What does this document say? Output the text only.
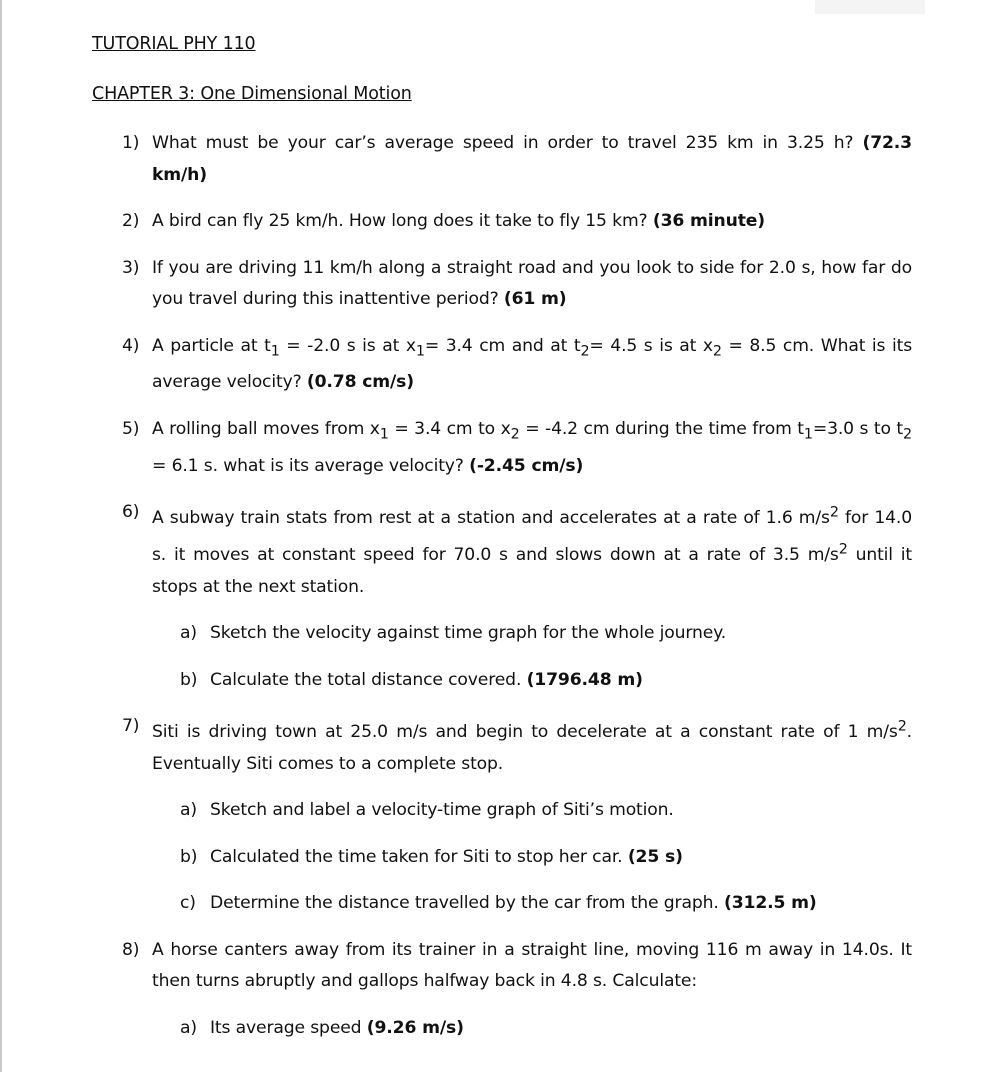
TUTORIAL PHY 110
CHAPTER 3: One Dimensional Motion
1) What must be your car’s average speed in order to travel 235 km in 3.25 h? (72.3 km/h)
2) A bird can fly 25 km/h. How long does it take to fly 15 km? (36 minute)
3) If you are driving 11 km/h along a straight road and you look to side for 2.0 s, how far do you travel during this inattentive period? (61 m)
4) A particle at $t_1 = -2.0$ s is at $x_1= 3.4$ cm and at $t_2= 4.5$ s is at $x_2 = 8.5$ cm. What is its average velocity? (0.78 cm/s)
5) A rolling ball moves from $x_1 = 3.4$ cm to $x_2 = -4.2$ cm during the time from $t_1=3.0$ s to $t_2 = 6.1$ s. what is its average velocity? (-2.45 cm/s)
6) A subway train stats from rest at a station and accelerates at a rate of 1.6 $m/s^2$ for 14.0 s. it moves at constant speed for 70.0 s and slows down at a rate of 3.5 $m/s^2$ until it stops at the next station.
a) Sketch the velocity against time graph for the whole journey.
b) Calculate the total distance covered. (1796.48 m)
7) Siti is driving town at 25.0 m/s and begin to decelerate at a constant rate of 1 $m/s^2$. Eventually Siti comes to a complete stop.
a) Sketch and label a velocity-time graph of Siti’s motion.
b) Calculated the time taken for Siti to stop her car. (25 s)
c) Determine the distance travelled by the car from the graph. (312.5 m)
8) A horse canters away from its trainer in a straight line, moving 116 m away in 14.0s. It then turns abruptly and gallops halfway back in 4.8 s. Calculate:
a) Its average speed (9.26 m/s)
